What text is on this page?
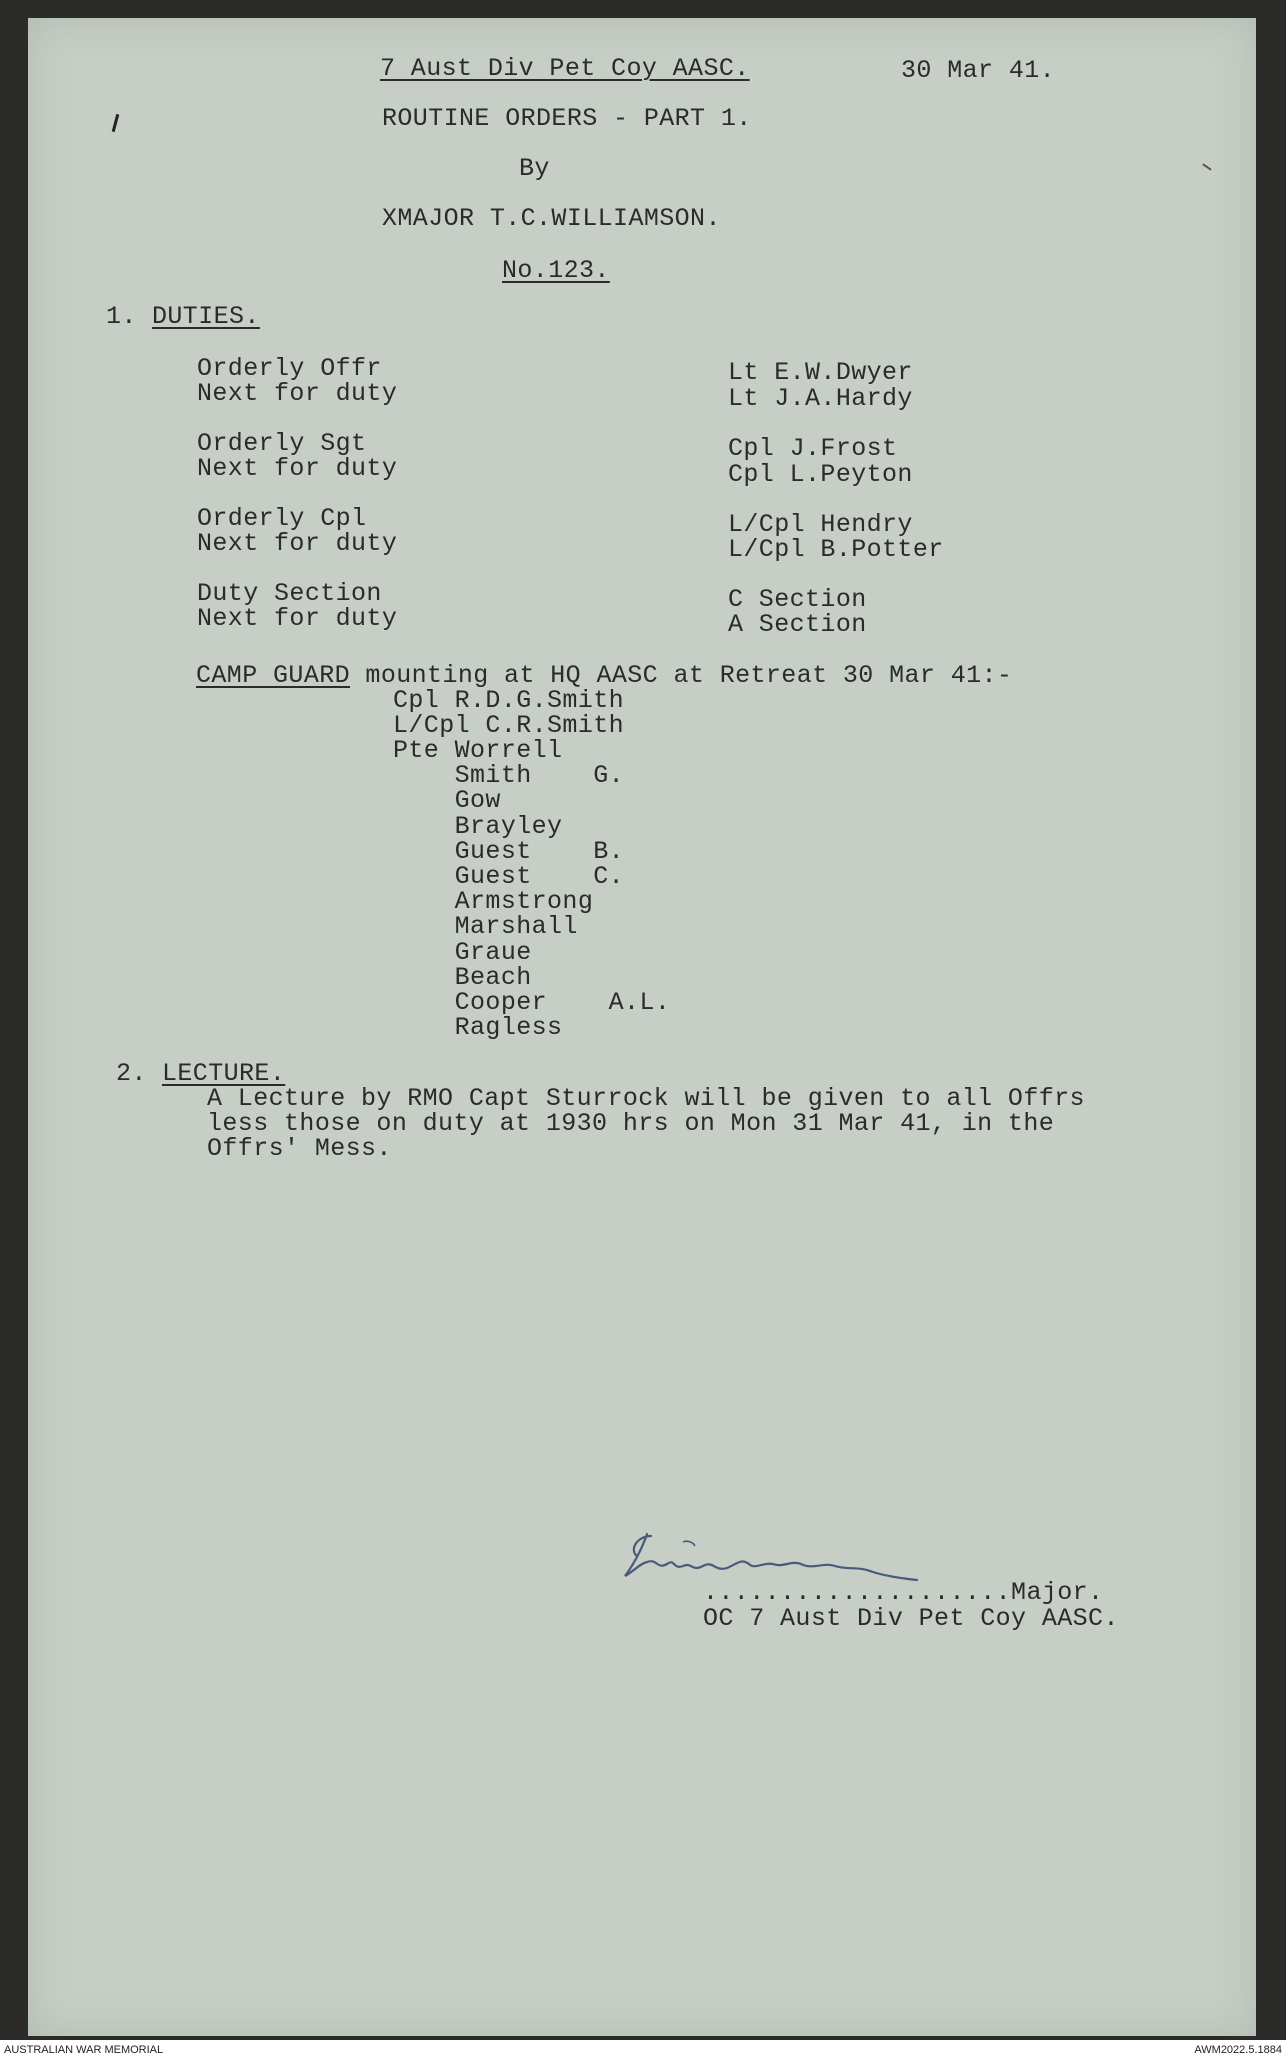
7 Aust Div Pet Coy AASC.	30 Mar 41.
ROUTINE ORDERS - PART 1.
By
XMAJOR T.C.WILLIAMSON.
No.123.
1. DUTIES.
Orderly Offr	Lt E.W.Dwyer
Next for duty	Lt J.A.Hardy
Orderly Sgt	Cpl J.Frost
Next for duty	Cpl L.Peyton
Orderly Cpl	L/Cpl Hendry
Next for duty	L/Cpl B.Potter
Duty Section	C Section
Next for duty	A Section
CAMP GUARD mounting at HQ AASC at Retreat 30 Mar 41:-
Cpl R.D.G.Smith
L/Cpl C.R.Smith
Pte Worrell
Smith    G.
Gow
Brayley
Guest    B.
Guest    C.
Armstrong
Marshall
Graue
Beach
Cooper    A.L.
Ragless
2. LECTURE.
A Lecture by RMO Capt Sturrock will be given to all Offrs
less those on duty at 1930 hrs on Mon 31 Mar 41, in the
Offrs' Mess.
....................Major.
OC 7 Aust Div Pet Coy AASC.
AUSTRALIAN WAR MEMORIAL	AWM2022.5.1884
